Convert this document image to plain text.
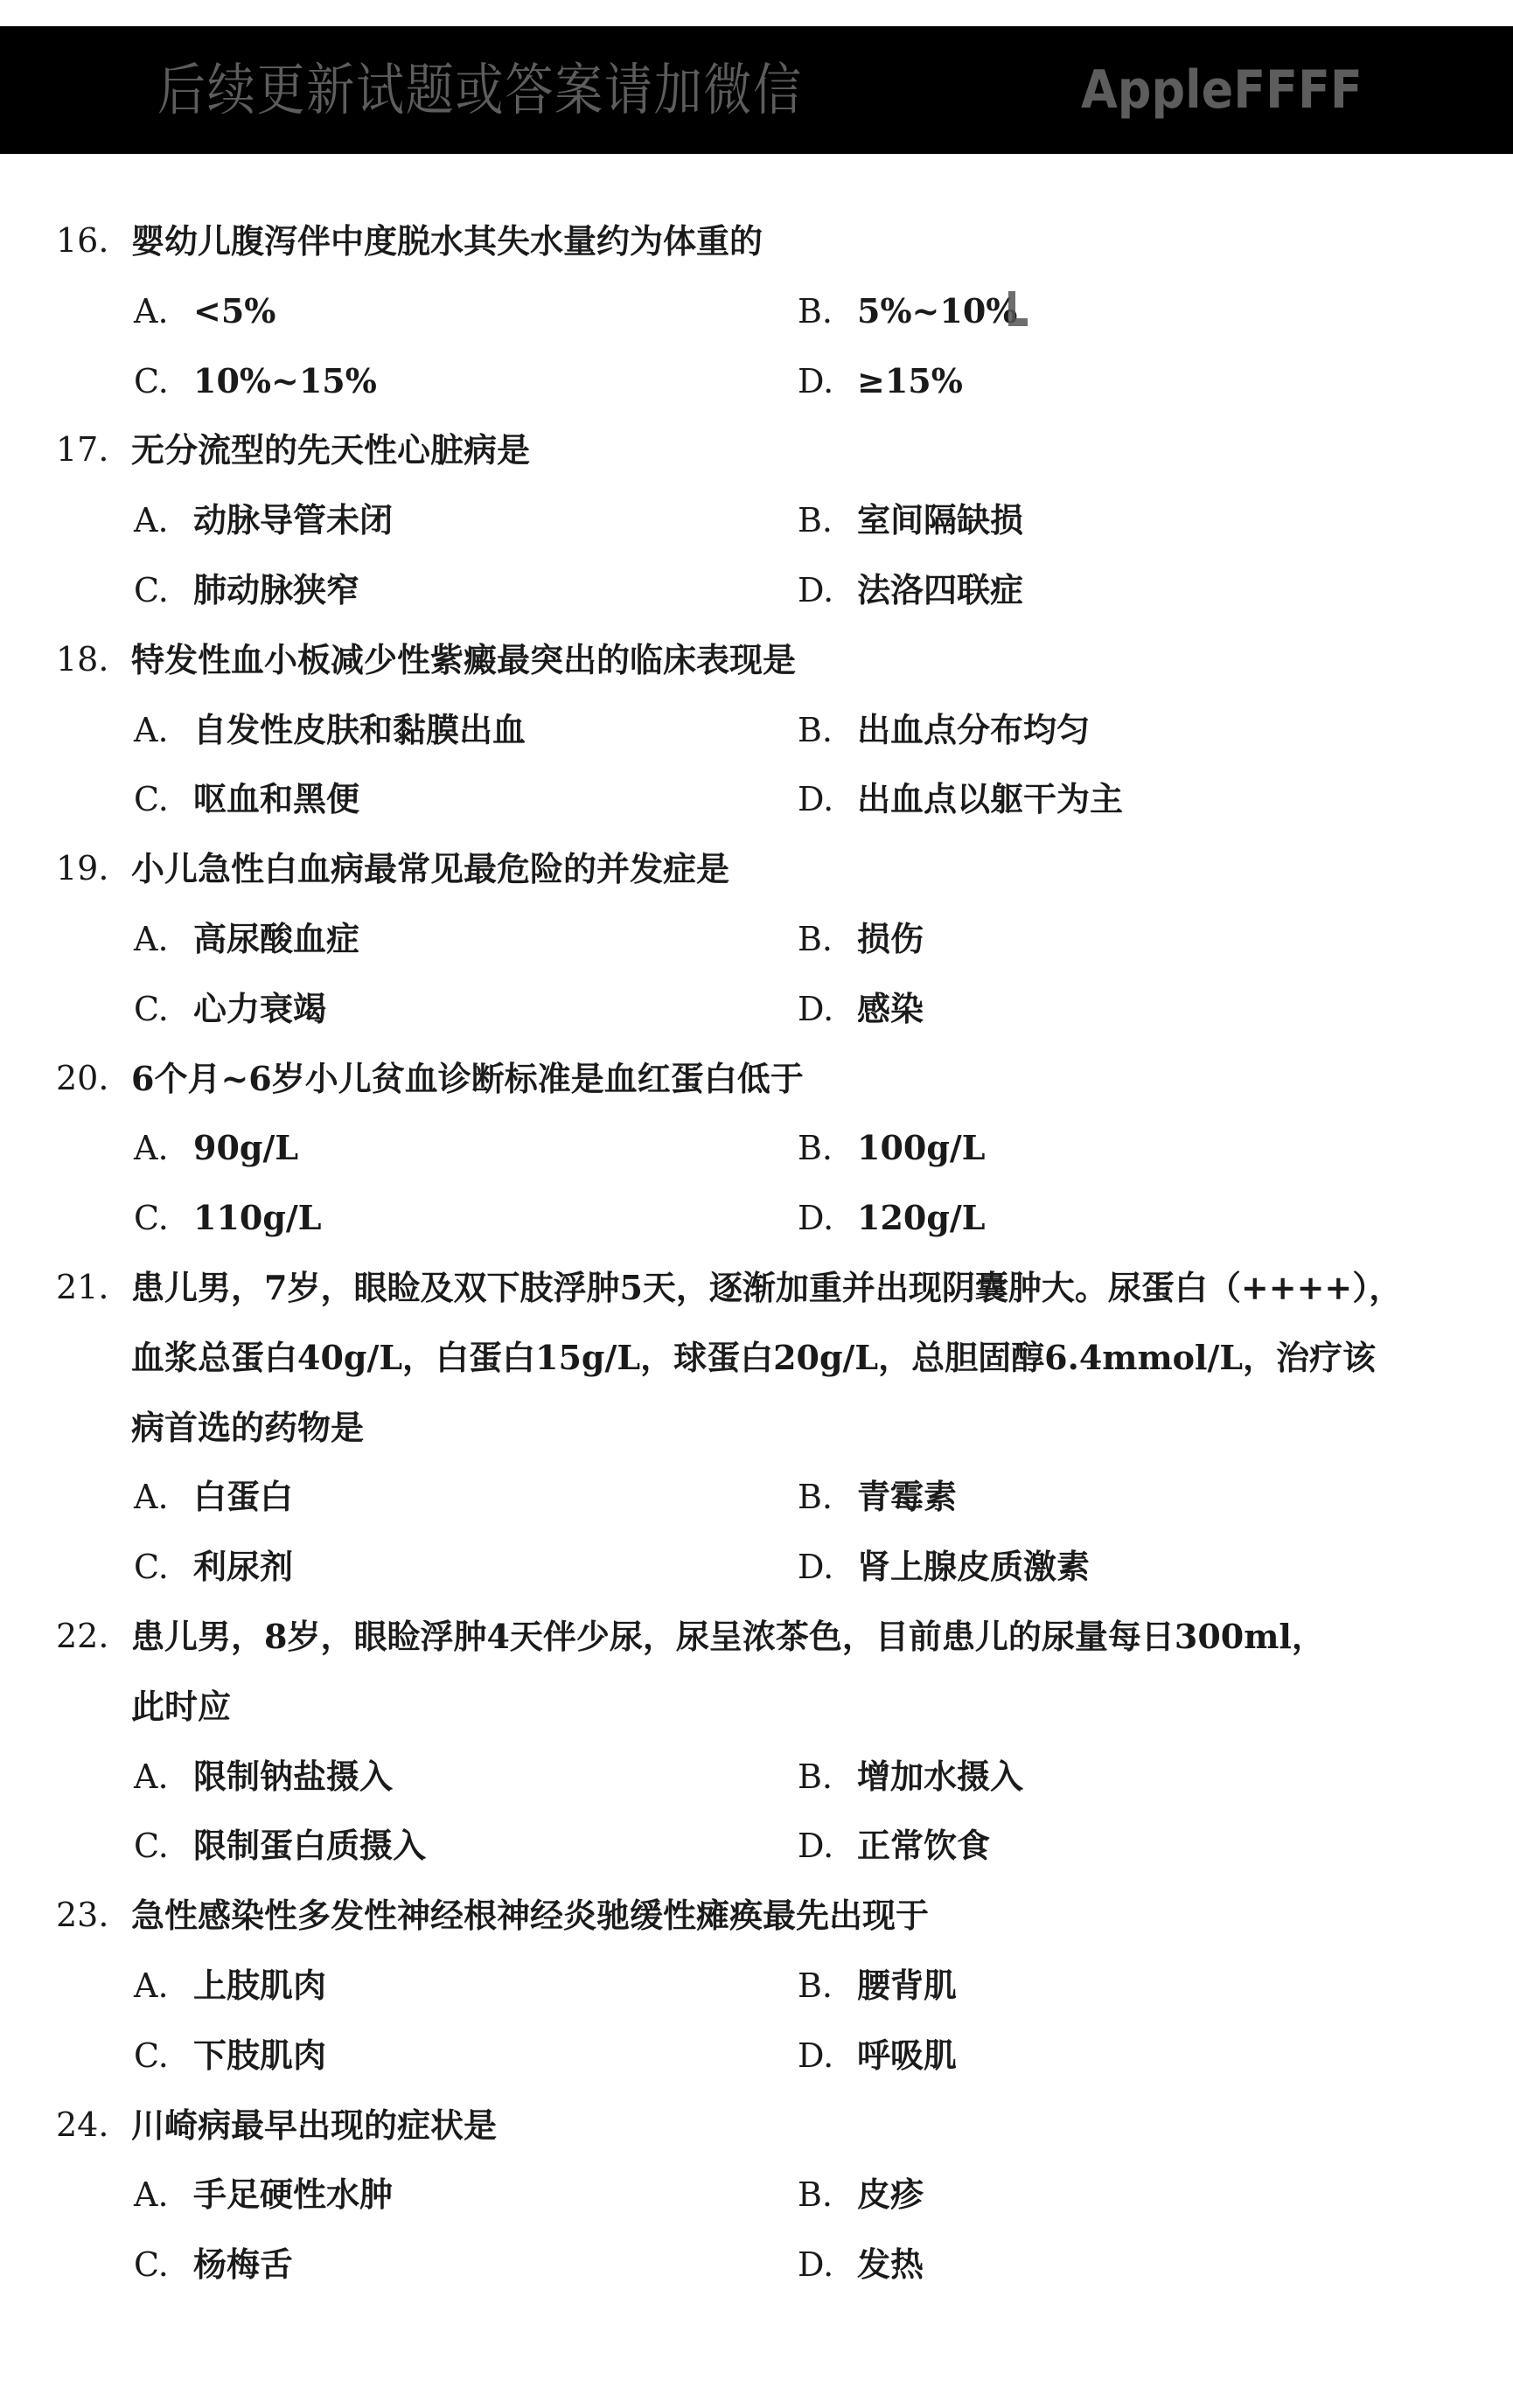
后续更新试题或答案请加微信	AppleFFFF
16. 婴幼儿腹泻伴中度脱水其失水量约为体重的
A. <5%	B. 5%~10%
C. 10%~15%	D. ≥15%
17. 无分流型的先天性心脏病是
A. 动脉导管未闭	B. 室间隔缺损
C. 肺动脉狭窄	D. 法洛四联症
18. 特发性血小板减少性紫癜最突出的临床表现是
A. 自发性皮肤和黏膜出血	B. 出血点分布均匀
C. 呕血和黑便	D. 出血点以躯干为主
19. 小儿急性白血病最常见最危险的并发症是
A. 高尿酸血症	B. 损伤
C. 心力衰竭	D. 感染
20. 6个月~6岁小儿贫血诊断标准是血红蛋白低于
A. 90g/L	B. 100g/L
C. 110g/L	D. 120g/L
21. 患儿男，7岁，眼睑及双下肢浮肿5天，逐渐加重并出现阴囊肿大。尿蛋白（++++），
血浆总蛋白40g/L，白蛋白15g/L，球蛋白20g/L，总胆固醇6.4mmol/L，治疗该
病首选的药物是
A. 白蛋白	B. 青霉素
C. 利尿剂	D. 肾上腺皮质激素
22. 患儿男，8岁，眼睑浮肿4天伴少尿，尿呈浓茶色，目前患儿的尿量每日300ml，
此时应
A. 限制钠盐摄入	B. 增加水摄入
C. 限制蛋白质摄入	D. 正常饮食
23. 急性感染性多发性神经根神经炎驰缓性瘫痪最先出现于
A. 上肢肌肉	B. 腰背肌
C. 下肢肌肉	D. 呼吸肌
24. 川崎病最早出现的症状是
A. 手足硬性水肿	B. 皮疹
C. 杨梅舌	D. 发热
